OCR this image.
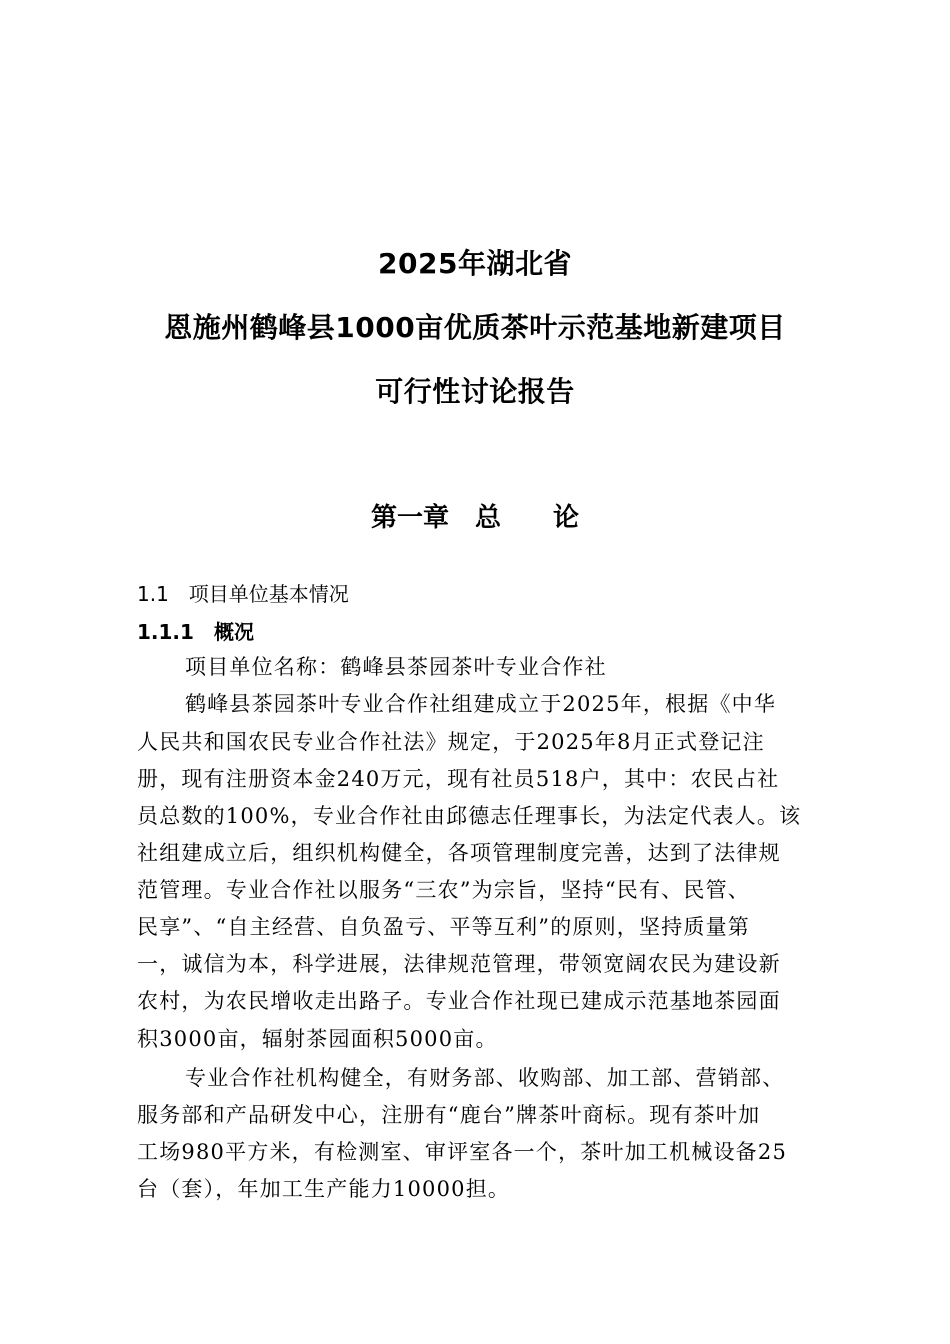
2025年湖北省
恩施州鹤峰县1000亩优质茶叶示范基地新建项目
可行性讨论报告
第一章　总　　论
1.1　项目单位基本情况
1.1.1　概况
项目单位名称：鹤峰县茶园茶叶专业合作社
鹤峰县茶园茶叶专业合作社组建成立于2025年，根据《中华
人民共和国农民专业合作社法》规定，于2025年8月正式登记注
册，现有注册资本金240万元，现有社员518户，其中：农民占社
员总数的100%，专业合作社由邱德志任理事长，为法定代表人。该
社组建成立后，组织机构健全，各项管理制度完善，达到了法律规
范管理。专业合作社以服务“三农”为宗旨，坚持“民有、民管、
民享”、“自主经营、自负盈亏、平等互利”的原则，坚持质量第
一，诚信为本，科学进展，法律规范管理，带领宽阔农民为建设新
农村，为农民增收走出路子。专业合作社现已建成示范基地茶园面
积3000亩，辐射茶园面积5000亩。
专业合作社机构健全，有财务部、收购部、加工部、营销部、
服务部和产品研发中心，注册有“鹿台”牌茶叶商标。现有茶叶加
工场980平方米，有检测室、审评室各一个，茶叶加工机械设备25
台（套），年加工生产能力10000担。
